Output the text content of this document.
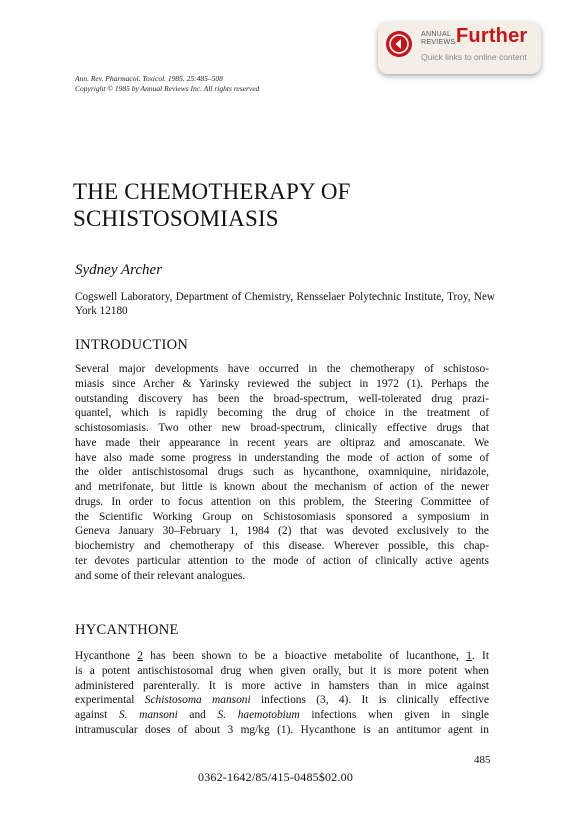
ANNUAL REVIEWS Further
Quick links to online content
Ann. Rev. Pharmacol. Toxicol. 1985. 25:485–508
Copyright © 1985 by Annual Reviews Inc. All rights reserved
THE CHEMOTHERAPY OF
SCHISTOSOMIASIS
Sydney Archer
Cogswell Laboratory, Department of Chemistry, Rensselaer Polytechnic Institute, Troy, New York 12180
INTRODUCTION
Several major developments have occurred in the chemotherapy of schistoso-
miasis since Archer & Yarinsky reviewed the subject in 1972 (1). Perhaps the
outstanding discovery has been the broad-spectrum, well-tolerated drug prazi-
quantel, which is rapidly becoming the drug of choice in the treatment of
schistosomiasis. Two other new broad-spectrum, clinically effective drugs that
have made their appearance in recent years are oltipraz and amoscanate. We
have also made some progress in understanding the mode of action of some of
the older antischistosomal drugs such as hycanthone, oxamniquine, niridazole,
and metrifonate, but little is known about the mechanism of action of the newer
drugs. In order to focus attention on this problem, the Steering Committee of
the Scientific Working Group on Schistosomiasis sponsored a symposium in
Geneva January 30–February 1, 1984 (2) that was devoted exclusively to the
biochemistry and chemotherapy of this disease. Wherever possible, this chap-
ter devotes particular attention to the mode of action of clinically active agents
and some of their relevant analogues.
HYCANTHONE
Hycanthone 2 has been shown to be a bioactive metabolite of lucanthone, 1. It
is a potent antischistosomal drug when given orally, but it is more potent when
administered parenterally. It is more active in hamsters than in mice against
experimental Schistosoma mansoni infections (3, 4). It is clinically effective
against S. mansoni and S. haemotobium infections when given in single
intramuscular doses of about 3 mg/kg (1). Hycanthone is an antitumor agent in
485
0362-1642/85/415-0485$02.00
